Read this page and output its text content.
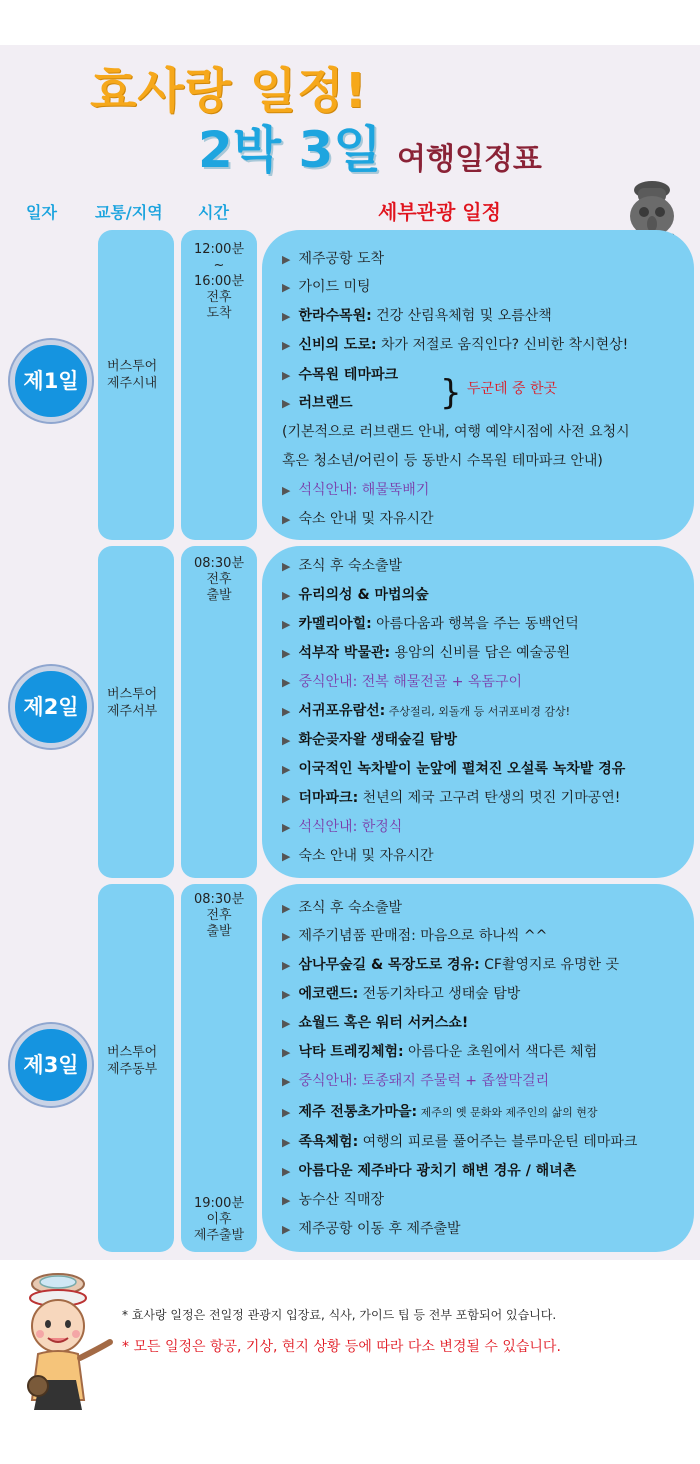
효사랑 일정!
2박 3일 여행일정표
일자 교통/지역 시간	세부관광 일정
제1일
버스투어
제주시내
12:00분
~
16:00분
전후
도착
▶ 제주공항 도착
▶ 가이드 미팅
▶ 한라수목원: 건강 산림욕체험 및 오름산책
▶ 신비의 도로: 차가 저절로 움직인다? 신비한 착시현상!
▶ 수목원 테마파크
▶ 러브랜드	} 두군데 중 한곳
(기본적으로 러브랜드 안내, 여행 예약시점에 사전 요청시
혹은 청소년/어린이 등 동반시 수목원 테마파크 안내)
▶ 석식안내: 해물뚝배기
▶ 숙소 안내 및 자유시간
제2일
버스투어
제주서부
08:30분
전후
출발
▶ 조식 후 숙소출발
▶ 유리의성 & 마법의숲
▶ 카멜리아힐: 아름다움과 행복을 주는 동백언덕
▶ 석부작 박물관: 용암의 신비를 담은 예술공원
▶ 중식안내: 전복 해물전골 + 옥돔구이
▶ 서귀포유람선: 주상절리, 외돌개 등 서귀포비경 감상!
▶ 화순곶자왈 생태숲길 탐방
▶ 이국적인 녹차밭이 눈앞에 펼쳐진 오설록 녹차밭 경유
▶ 더마파크: 천년의 제국 고구려 탄생의 멋진 기마공연!
▶ 석식안내: 한정식
▶ 숙소 안내 및 자유시간
제3일
버스투어
제주동부
08:30분
전후
출발
19:00분
이후
제주출발
▶ 조식 후 숙소출발
▶ 제주기념품 판매점: 마음으로 하나씩 ^^
▶ 삼나무숲길 & 목장도로 경유: CF촬영지로 유명한 곳
▶ 에코랜드: 전동기차타고 생태숲 탐방
▶ 쇼월드 혹은 워터 서커스쇼!
▶ 낙타 트레킹체험: 아름다운 초원에서 색다른 체험
▶ 중식안내: 토종돼지 주물럭 + 좁쌀막걸리
▶ 제주 전통초가마을: 제주의 옛 문화와 제주인의 삶의 현장
▶ 족욕체험: 여행의 피로를 풀어주는 블루마운틴 테마파크
▶ 아름다운 제주바다 광치기 해변 경유 / 해녀촌
▶ 농수산 직매장
▶ 제주공항 이동 후 제주출발
* 효사랑 일정은 전일정 관광지 입장료, 식사, 가이드 팁 등 전부 포함되어 있습니다.
* 모든 일정은 항공, 기상, 현지 상황 등에 따라 다소 변경될 수 있습니다.
